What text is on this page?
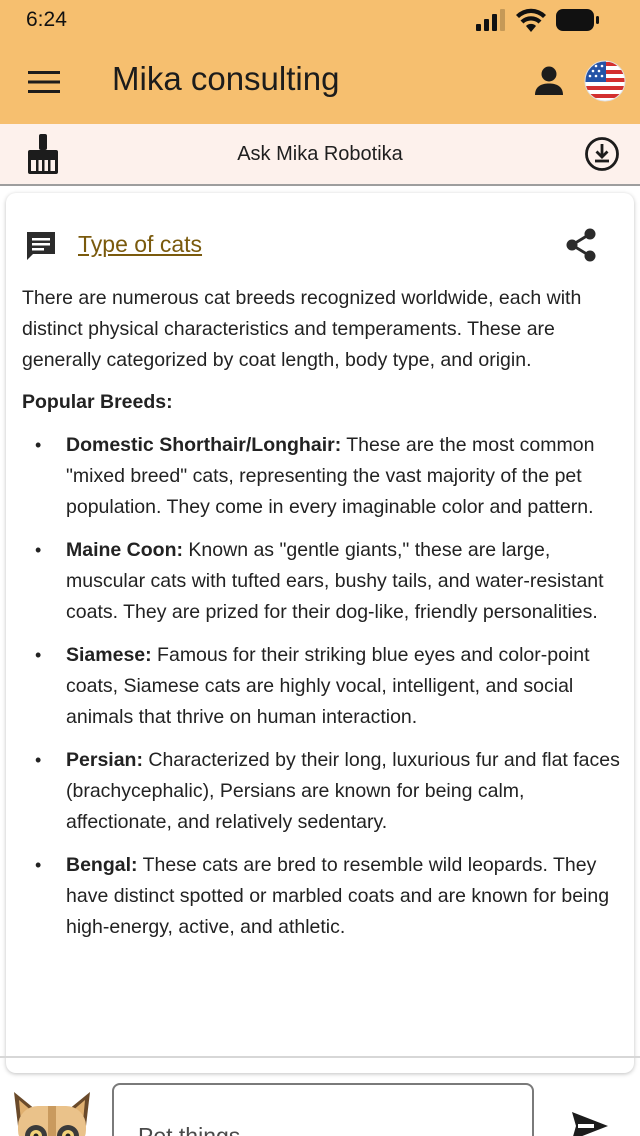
6:24
Mika consulting
Ask Mika Robotika
Type of cats

There are numerous cat breeds recognized worldwide, each with distinct physical characteristics and temperaments. These are generally categorized by coat length, body type, and origin.

Popular Breeds:

• Domestic Shorthair/Longhair: These are the most common "mixed breed" cats, representing the vast majority of the pet population. They come in every imaginable color and pattern.
• Maine Coon: Known as "gentle giants," these are large, muscular cats with tufted ears, bushy tails, and water-resistant coats. They are prized for their dog-like, friendly personalities.
• Siamese: Famous for their striking blue eyes and color-point coats, Siamese cats are highly vocal, intelligent, and social animals that thrive on human interaction.
• Persian: Characterized by their long, luxurious fur and flat faces (brachycephalic), Persians are known for being calm, affectionate, and relatively sedentary.
• Bengal: These cats are bred to resemble wild leopards. They have distinct spotted or marbled coats and are known for being high-energy, active, and athletic.
Pet things
